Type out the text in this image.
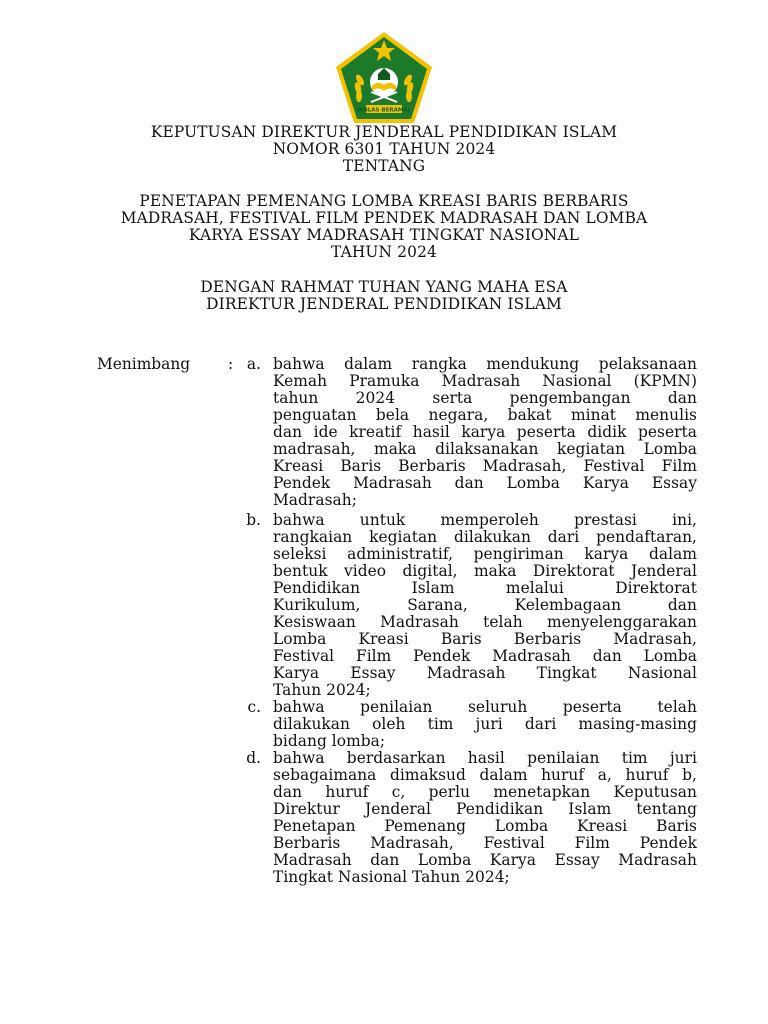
IKHLAS BERAMAL
KEPUTUSAN DIREKTUR JENDERAL PENDIDIKAN ISLAM
NOMOR 6301 TAHUN 2024
TENTANG
PENETAPAN PEMENANG LOMBA KREASI BARIS BERBARIS
MADRASAH, FESTIVAL FILM PENDEK MADRASAH DAN LOMBA
KARYA ESSAY MADRASAH TINGKAT NASIONAL
TAHUN 2024
DENGAN RAHMAT TUHAN YANG MAHA ESA
DIREKTUR JENDERAL PENDIDIKAN ISLAM
Menimbang : a. bahwa dalam rangka mendukung pelaksanaan
Kemah Pramuka Madrasah Nasional (KPMN)
tahun 2024 serta pengembangan dan
penguatan bela negara, bakat minat menulis
dan ide kreatif hasil karya peserta didik peserta
madrasah, maka dilaksanakan kegiatan Lomba
Kreasi Baris Berbaris Madrasah, Festival Film
Pendek Madrasah dan Lomba Karya Essay
Madrasah;
b. bahwa untuk memperoleh prestasi ini,
rangkaian kegiatan dilakukan dari pendaftaran,
seleksi administratif, pengiriman karya dalam
bentuk video digital, maka Direktorat Jenderal
Pendidikan Islam melalui Direktorat
Kurikulum, Sarana, Kelembagaan dan
Kesiswaan Madrasah telah menyelenggarakan
Lomba Kreasi Baris Berbaris Madrasah,
Festival Film Pendek Madrasah dan Lomba
Karya Essay Madrasah Tingkat Nasional
Tahun 2024;
c. bahwa penilaian seluruh peserta telah
dilakukan oleh tim juri dari masing-masing
bidang lomba;
d. bahwa berdasarkan hasil penilaian tim juri
sebagaimana dimaksud dalam huruf a, huruf b,
dan huruf c, perlu menetapkan Keputusan
Direktur Jenderal Pendidikan Islam tentang
Penetapan Pemenang Lomba Kreasi Baris
Berbaris Madrasah, Festival Film Pendek
Madrasah dan Lomba Karya Essay Madrasah
Tingkat Nasional Tahun 2024;
